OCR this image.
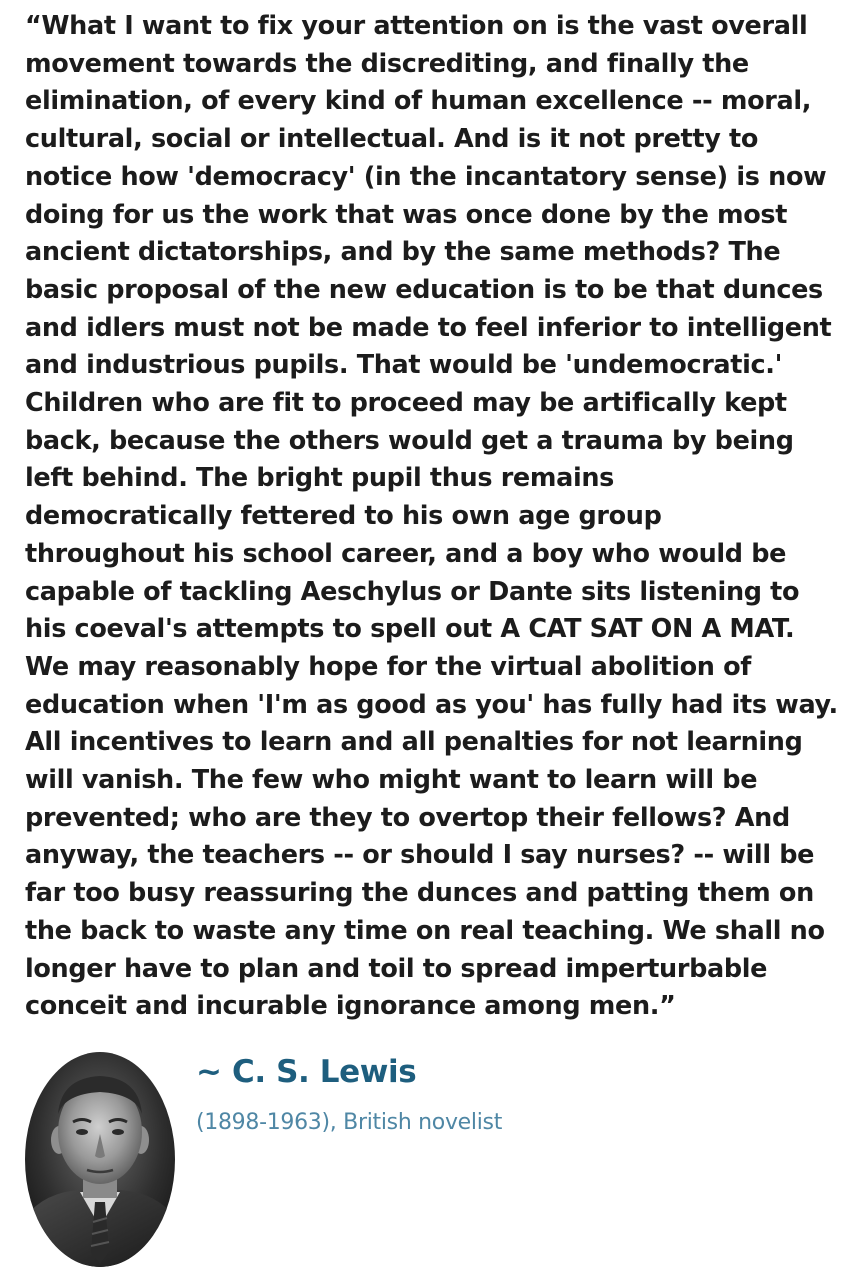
“What I want to fix your attention on is the vast overall
movement towards the discrediting, and finally the
elimination, of every kind of human excellence -- moral,
cultural, social or intellectual. And is it not pretty to
notice how 'democracy' (in the incantatory sense) is now
doing for us the work that was once done by the most
ancient dictatorships, and by the same methods? The
basic proposal of the new education is to be that dunces
and idlers must not be made to feel inferior to intelligent
and industrious pupils. That would be 'undemocratic.'
Children who are fit to proceed may be artifically kept
back, because the others would get a trauma by being
left behind. The bright pupil thus remains
democratically fettered to his own age group
throughout his school career, and a boy who would be
capable of tackling Aeschylus or Dante sits listening to
his coeval's attempts to spell out A CAT SAT ON A MAT.
We may reasonably hope for the virtual abolition of
education when 'I'm as good as you' has fully had its way.
All incentives to learn and all penalties for not learning
will vanish. The few who might want to learn will be
prevented; who are they to overtop their fellows? And
anyway, the teachers -- or should I say nurses? -- will be
far too busy reassuring the dunces and patting them on
the back to waste any time on real teaching. We shall no
longer have to plan and toil to spread imperturbable
conceit and incurable ignorance among men.”
~ C. S. Lewis
(1898-1963), British novelist
